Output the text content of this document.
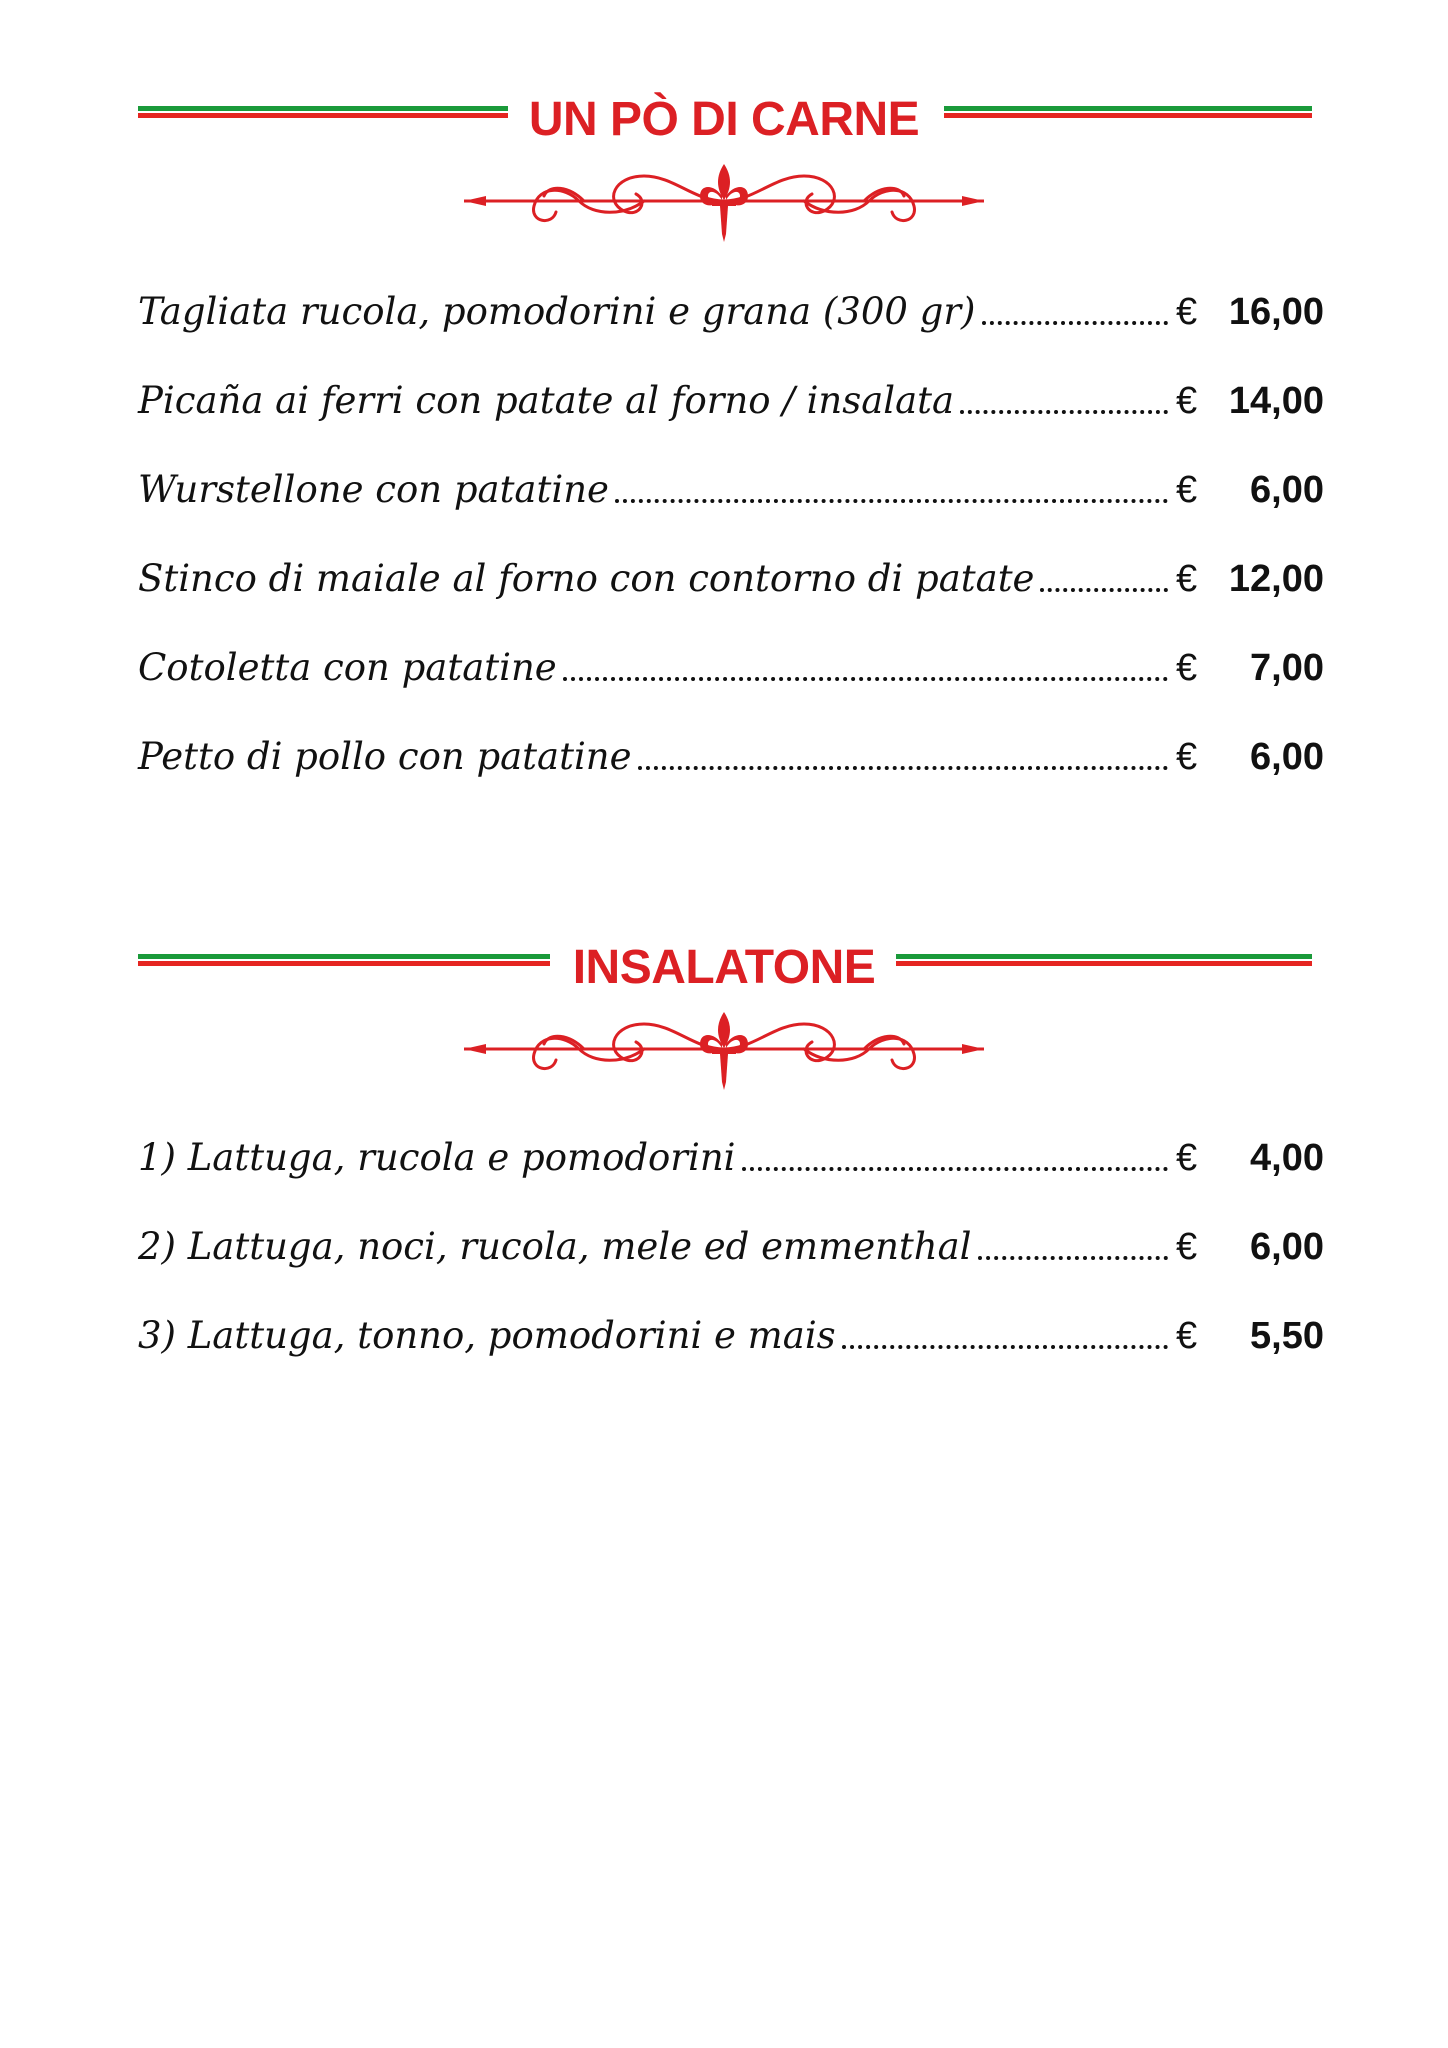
UN PÒ DI CARNE
Tagliata rucola, pomodorini e grana (300 gr)	€ 16,00
Picaña ai ferri con patate al forno / insalata	€ 14,00
Wurstellone con patatine	€	6,00
Stinco di maiale al forno con contorno di patate	€ 12,00
Cotoletta con patatine	€	7,00
Petto di pollo con patatine	€	6,00
INSALATONE
1) Lattuga, rucola e pomodorini	€	4,00
2) Lattuga, noci, rucola, mele ed emmenthal	€	6,00
3) Lattuga, tonno, pomodorini e mais	€	5,50
